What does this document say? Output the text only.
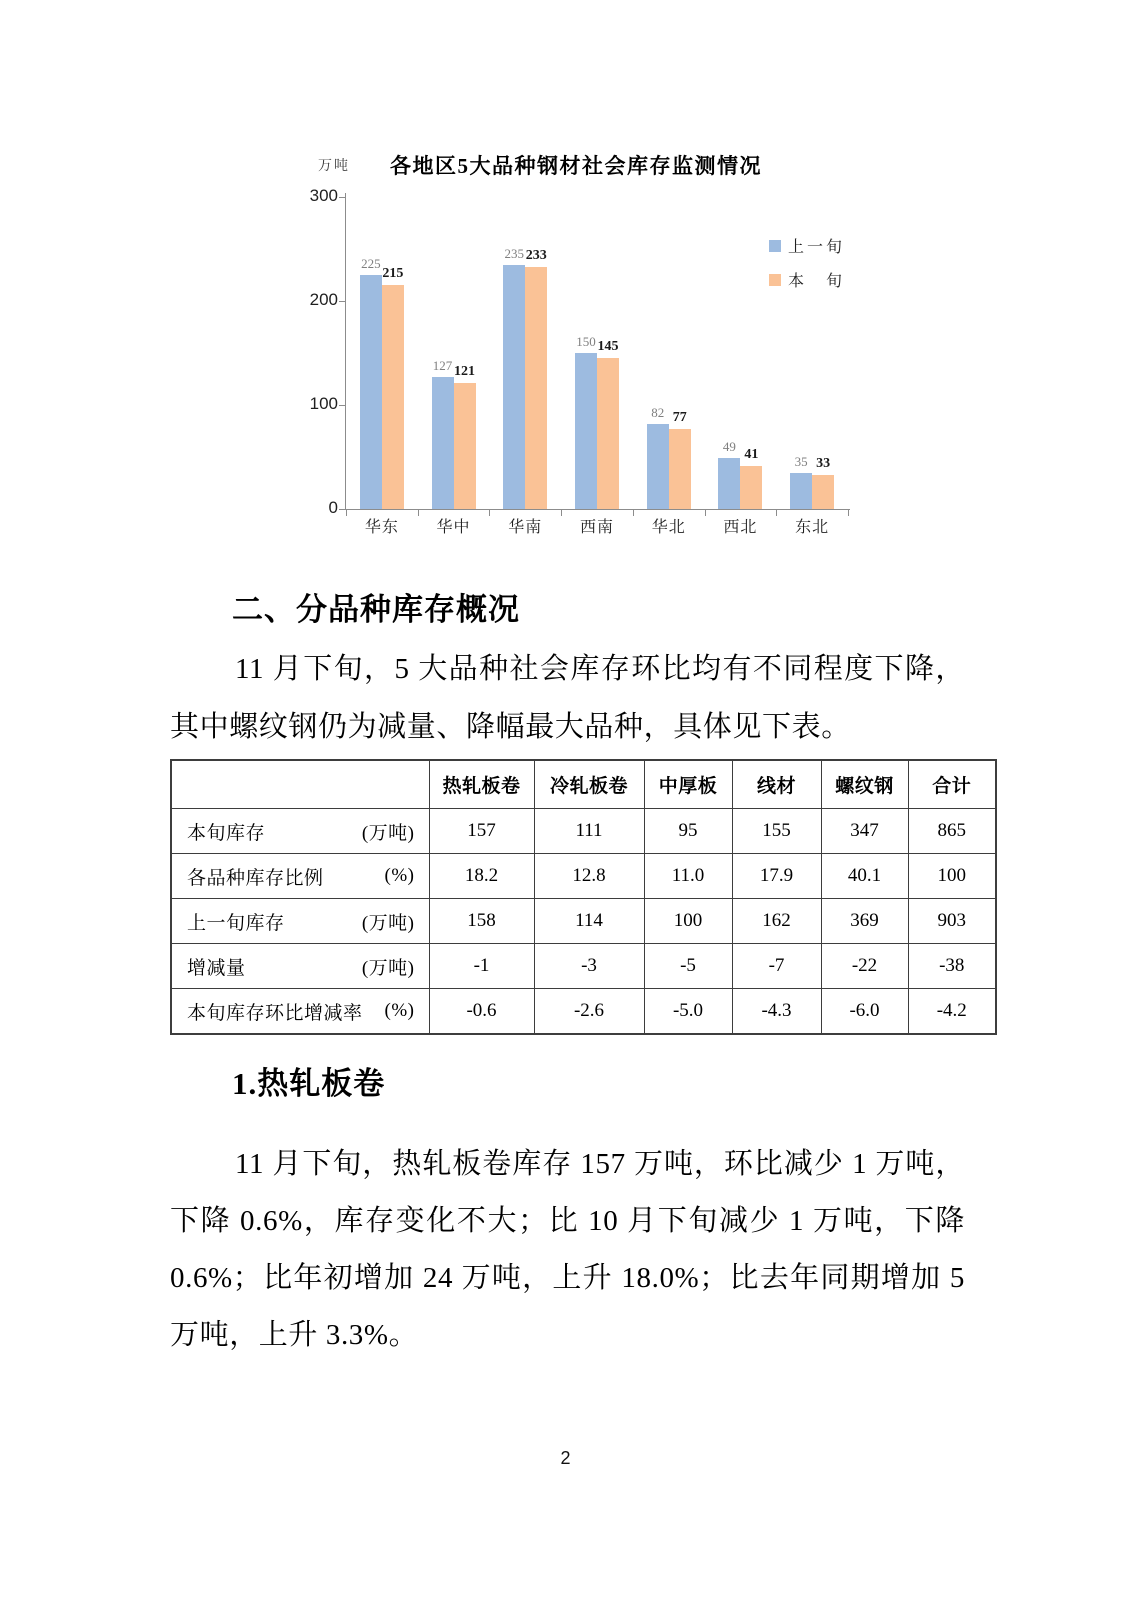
万吨	各地区5大品种钢材社会库存监测情况
300
200
100
0
225
215
华东
127 121
华中
235 233
华南
150 145
西南
82 77
华北
49
41
西北
35 33
东北
上一旬
本　旬
二、分品种库存概况
11 月下旬，5 大品种社会库存环比均有不同程度下降，
其中螺纹钢仍为减量、降幅最大品种，具体见下表。
	热轧板卷	冷轧板卷	中厚板	线材	螺纹钢	合计

本旬库存 (万吨)	157	111	95	155	347	865

各品种库存比例 (%)	18.2	12.8	11.0	17.9	40.1	100

上一旬库存 (万吨)	158	114	100	162	369	903

增减量 (万吨)	-1	-3	-5	-7	-22	-38

本旬库存环比增减率 (%)	-0.6	-2.6	-5.0	-4.3	-6.0	-4.2
1.热轧板卷
11 月下旬，热轧板卷库存 157 万吨，环比减少 1 万吨，
下降 0.6%，库存变化不大；比 10 月下旬减少 1 万吨，下降
0.6%；比年初增加 24 万吨，上升 18.0%；比去年同期增加 5
万吨，上升 3.3%。
2
